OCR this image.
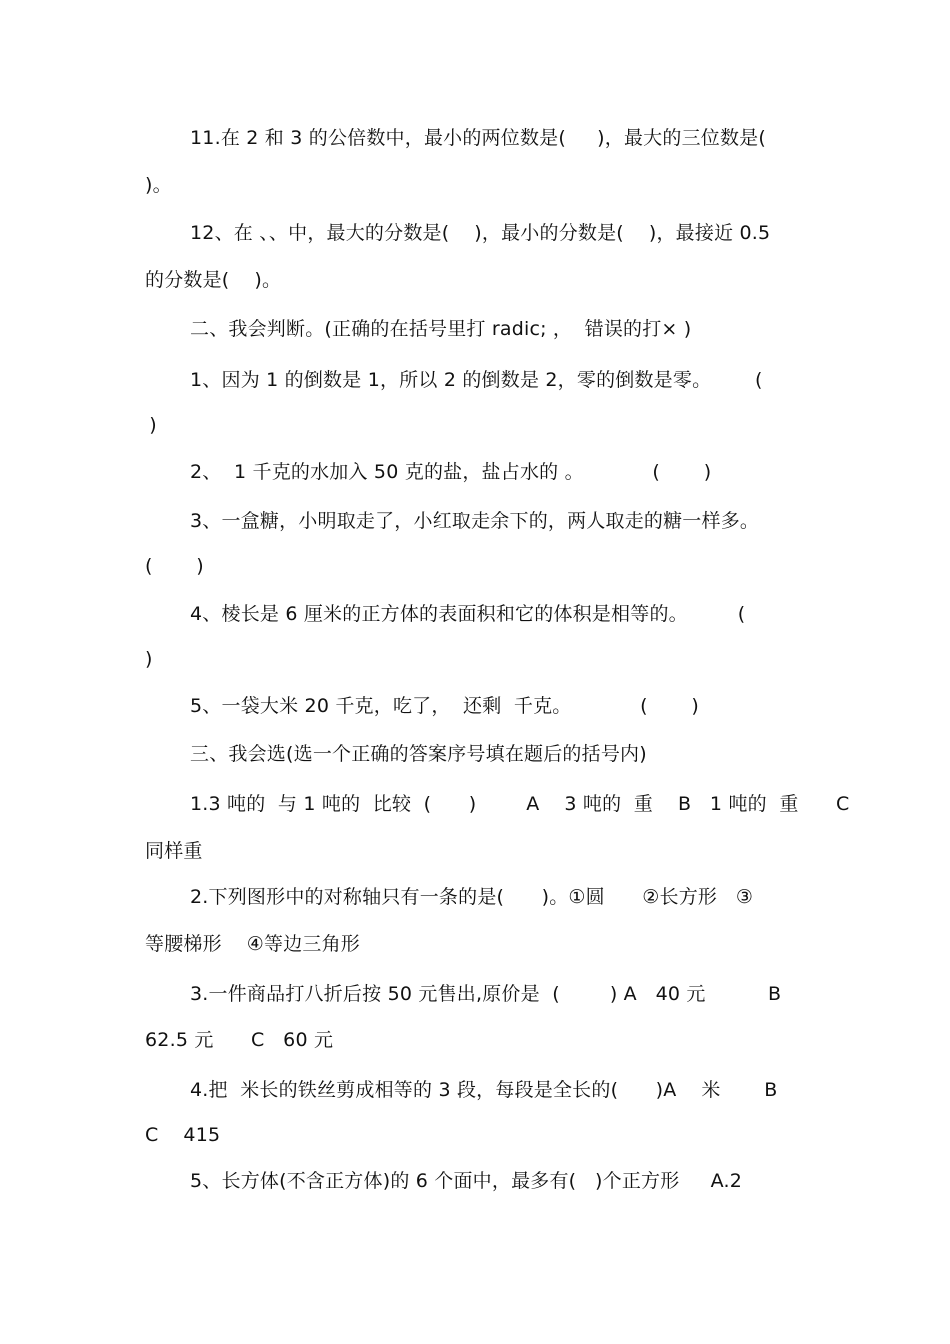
11.在 2 和 3 的公倍数中，最小的两位数是(     )，最大的三位数是(
)。
12、在 、、中，最大的分数是(    )，最小的分数是(    )，最接近 0.5
的分数是(    )。
二、我会判断。(正确的在括号里打 radic; ，  错误的打× )
1、因为 1 的倒数是 1，所以 2 的倒数是 2，零的倒数是零。       (
)
2、  1 千克的水加入 50 克的盐，盐占水的 。           (       )
3、一盒糖，小明取走了，小红取走余下的，两人取走的糖一样多。
(       )
4、棱长是 6 厘米的正方体的表面积和它的体积是相等的。        (
)
5、一袋大米 20 千克，吃了，  还剩  千克。           (       )
三、我会选(选一个正确的答案序号填在题后的括号内)
1.3 吨的  与 1 吨的  比较  (      )        A    3 吨的  重    B   1 吨的  重      C
同样重
2.下列图形中的对称轴只有一条的是(      )。①圆      ②长方形   ③
等腰梯形    ④等边三角形
3.一件商品打八折后按 50 元售出,原价是  (        ) A   40 元          B
62.5 元      C   60 元
4.把  米长的铁丝剪成相等的 3 段，每段是全长的(      )A    米       B
C    415
5、长方体(不含正方体)的 6 个面中，最多有(   )个正方形     A.2
